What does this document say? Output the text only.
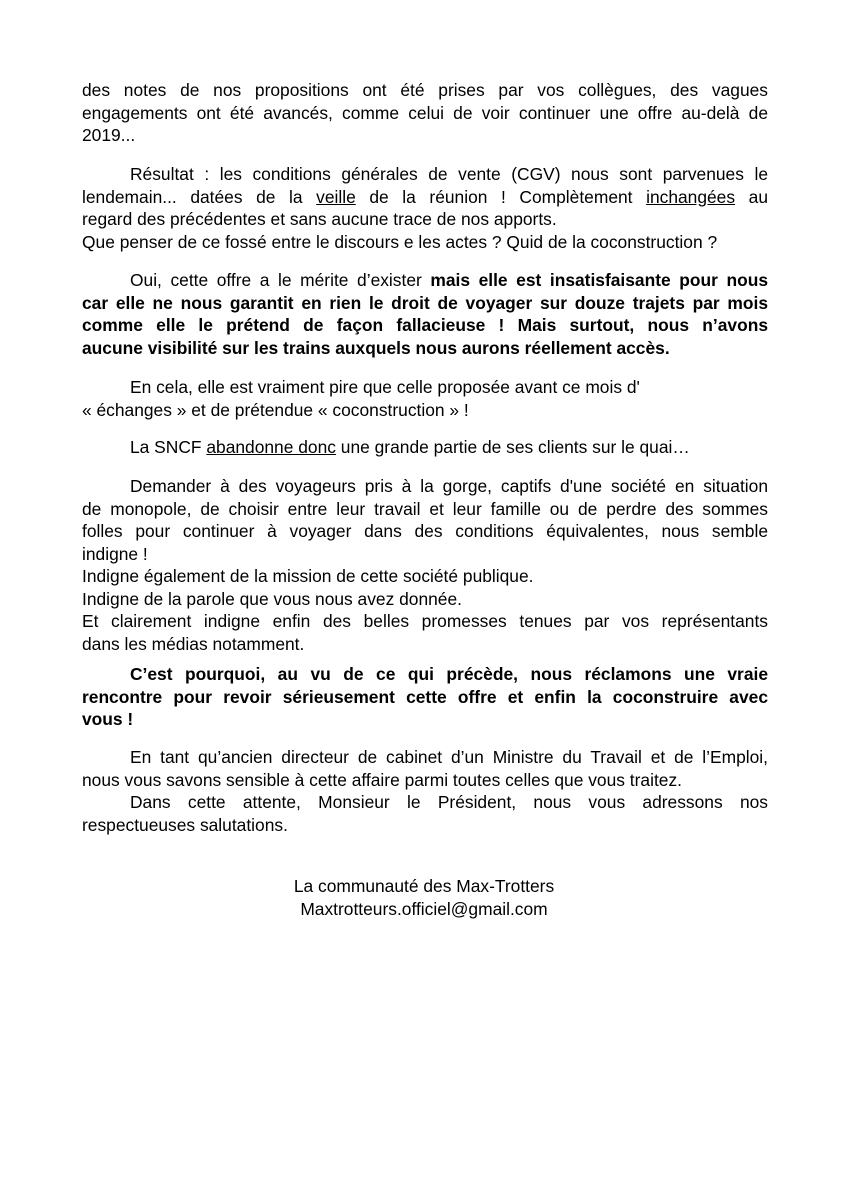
des notes de nos propositions ont été prises par vos collègues, des vagues
engagements ont été avancés, comme celui de voir continuer une offre au-delà de
2019...
Résultat : les conditions générales de vente (CGV) nous sont parvenues le
lendemain... datées de la veille de la réunion ! Complètement inchangées au
regard des précédentes et sans aucune trace de nos apports.
Que penser de ce fossé entre le discours e les actes ? Quid de la coconstruction ?
Oui, cette offre a le mérite d’exister mais elle est insatisfaisante pour nous
car elle ne nous garantit en rien le droit de voyager sur douze trajets par mois
comme elle le prétend de façon fallacieuse ! Mais surtout, nous n’avons
aucune visibilité sur les trains auxquels nous aurons réellement accès.
En cela, elle est vraiment pire que celle proposée avant ce mois d'
« échanges » et de prétendue « coconstruction » !
La SNCF abandonne donc une grande partie de ses clients sur le quai…
Demander à des voyageurs pris à la gorge, captifs d'une société en situation
de monopole, de choisir entre leur travail et leur famille ou de perdre des sommes
folles pour continuer à voyager dans des conditions équivalentes, nous semble
indigne !
Indigne également de la mission de cette société publique.
Indigne de la parole que vous nous avez donnée.
Et clairement indigne enfin des belles promesses tenues par vos représentants
dans les médias notamment.
C’est pourquoi, au vu de ce qui précède, nous réclamons une vraie
rencontre pour revoir sérieusement cette offre et enfin la coconstruire avec
vous !
En tant qu’ancien directeur de cabinet d’un Ministre du Travail et de l’Emploi,
nous vous savons sensible à cette affaire parmi toutes celles que vous traitez.
Dans cette attente, Monsieur le Président, nous vous adressons nos
respectueuses salutations.
La communauté des Max-Trotters
Maxtrotteurs.officiel@gmail.com
